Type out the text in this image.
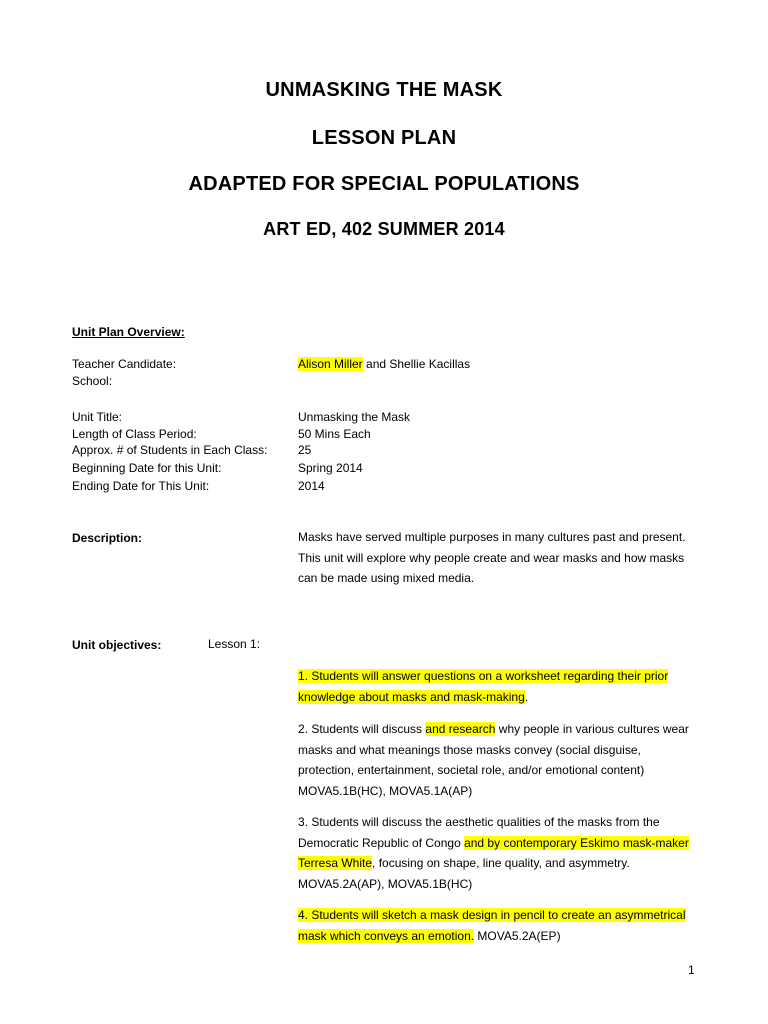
UNMASKING THE MASK
LESSON PLAN
ADAPTED FOR SPECIAL POPULATIONS
ART ED, 402 SUMMER 2014
Unit Plan Overview:
Teacher Candidate:	Alison Miller and Shellie Kacillas
School:
Unit Title:	Unmasking the Mask
Length of Class Period:	50 Mins Each
Approx. # of Students in Each Class:	25
Beginning Date for this Unit:	Spring 2014
Ending Date for This Unit:	2014
Description:	Masks have served multiple purposes in many cultures past and present. This unit will explore why people create and wear masks and how masks can be made using mixed media.
Unit objectives:	Lesson 1:
1. Students will answer questions on a worksheet regarding their prior knowledge about masks and mask-making.
2. Students will discuss and research why people in various cultures wear masks and what meanings those masks convey (social disguise, protection, entertainment, societal role, and/or emotional content) MOVA5.1B(HC), MOVA5.1A(AP)
3. Students will discuss the aesthetic qualities of the masks from the Democratic Republic of Congo and by contemporary Eskimo mask-maker Terresa White, focusing on shape, line quality, and asymmetry. MOVA5.2A(AP), MOVA5.1B(HC)
4. Students will sketch a mask design in pencil to create an asymmetrical mask which conveys an emotion. MOVA5.2A(EP)
1
